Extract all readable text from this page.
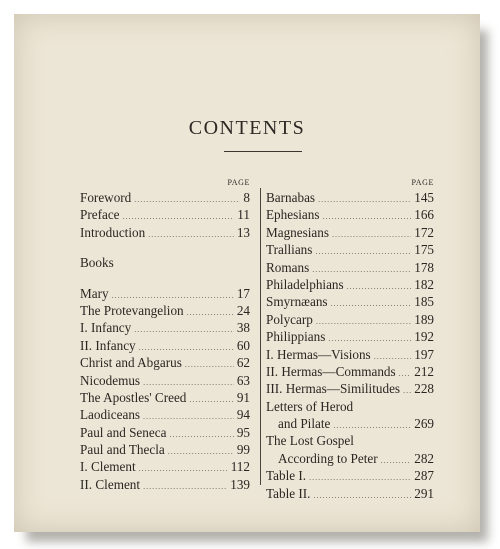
CONTENTS
PAGE
Foreword .....	8
Preface .....	11
Introduction .....	13
Books
Mary .....	17
The Protevangelion .....	24
I. Infancy .....	38
II. Infancy .....	60
Christ and Abgarus .....	62
Nicodemus .....	63
The Apostles' Creed .....	91
Laodiceans .....	94
Paul and Seneca .....	95
Paul and Thecla .....	99
I. Clement .....	112
II. Clement .....	139
PAGE
Barnabas .....	145
Ephesians .....	166
Magnesians .....	172
Trallians .....	175
Romans .....	178
Philadelphians .....	182
Smyrnæans .....	185
Polycarp .....	189
Philippians .....	192
I. Hermas—Visions .....	197
II. Hermas—Commands ..... 212
III. Hermas—Similitudes ..... 228
Letters of Herod
and Pilate .....	269
The Lost Gospel
According to Peter .....	282
Table I. .....	287
Table II. .....	291
